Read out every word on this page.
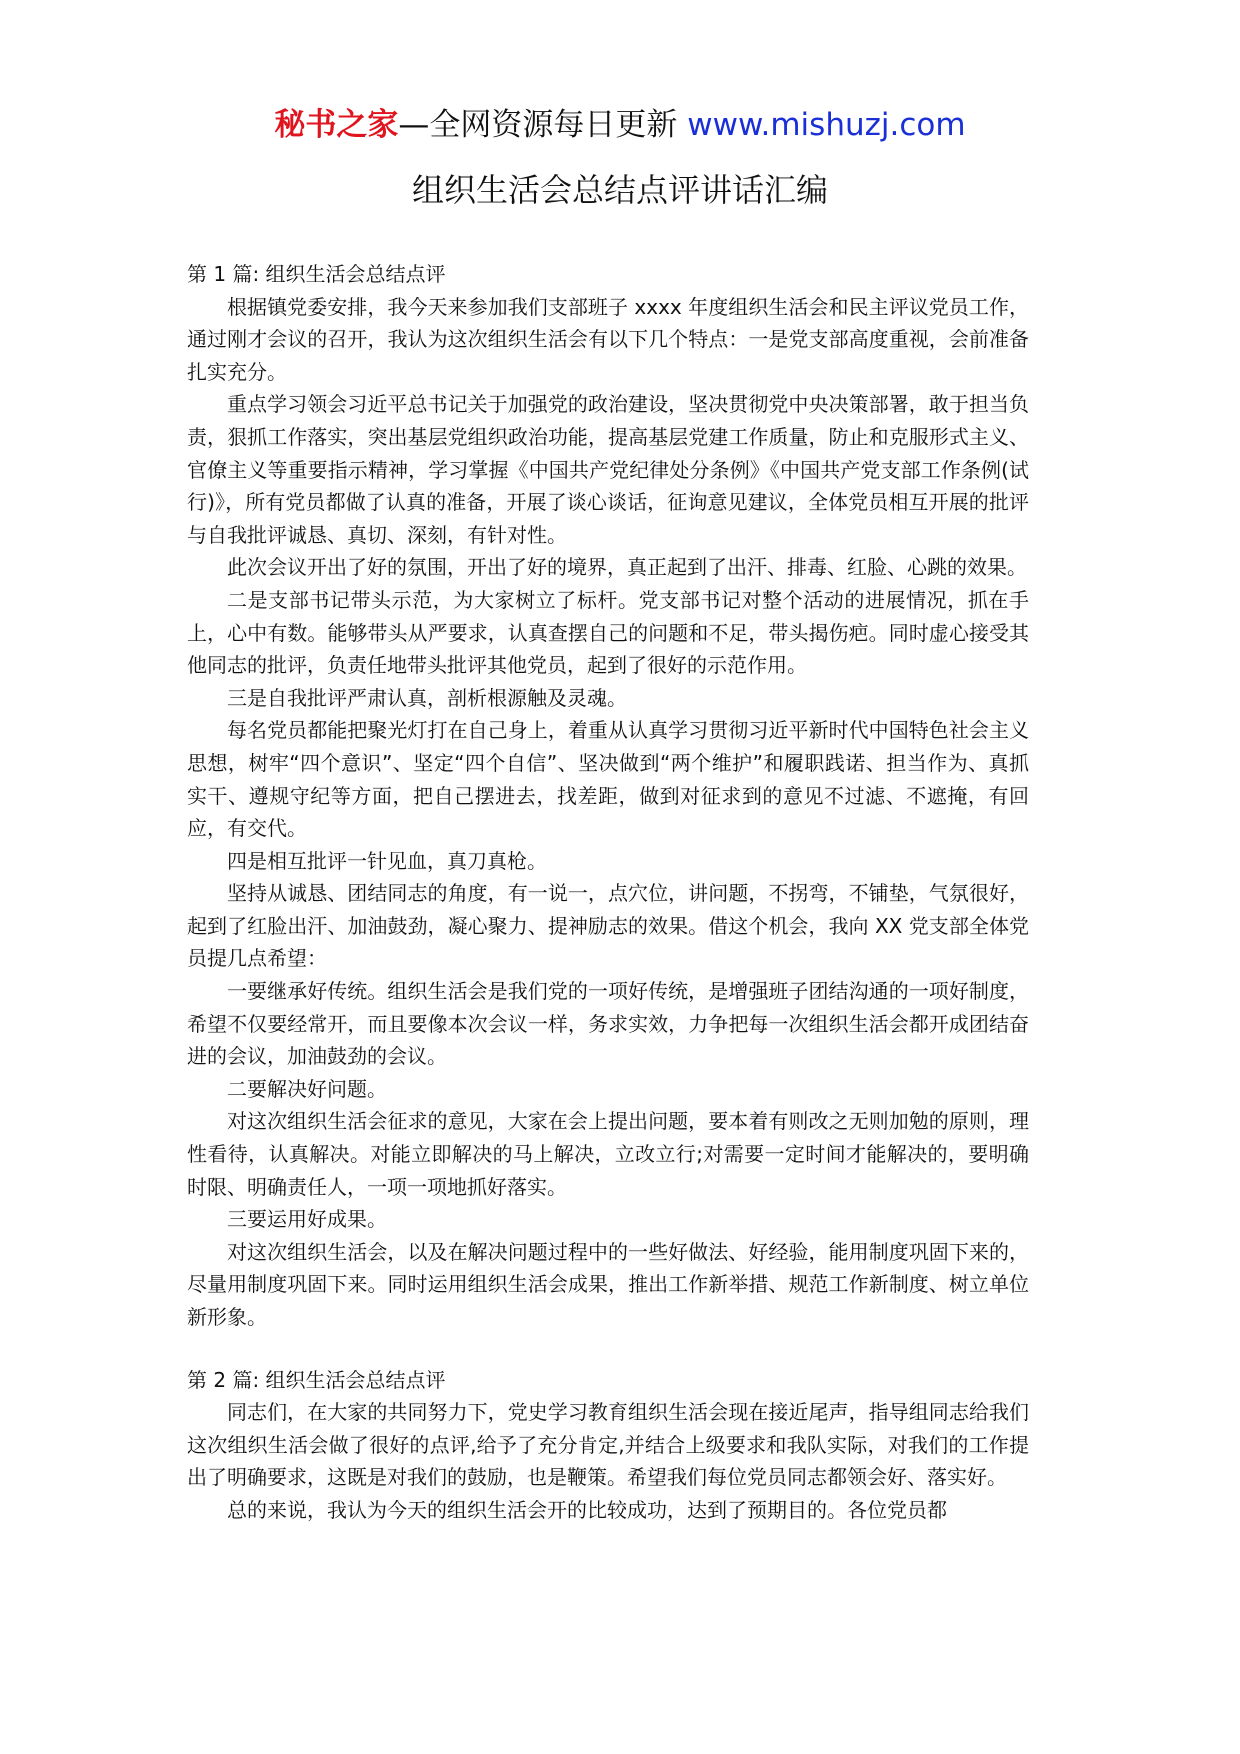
秘书之家—全网资源每日更新 www.mishuzj.com
组织生活会总结点评讲话汇编
第 1 篇: 组织生活会总结点评
根据镇党委安排，我今天来参加我们支部班子 xxxx 年度组织生活会和民主评议党员工作，通过刚才会议的召开，我认为这次组织生活会有以下几个特点：一是党支部高度重视，会前准备扎实充分。
重点学习领会习近平总书记关于加强党的政治建设，坚决贯彻党中央决策部署，敢于担当负责，狠抓工作落实，突出基层党组织政治功能，提高基层党建工作质量，防止和克服形式主义、官僚主义等重要指示精神，学习掌握《中国共产党纪律处分条例》《中国共产党支部工作条例(试行)》，所有党员都做了认真的准备，开展了谈心谈话，征询意见建议，全体党员相互开展的批评与自我批评诚恳、真切、深刻，有针对性。
此次会议开出了好的氛围，开出了好的境界，真正起到了出汗、排毒、红脸、心跳的效果。
二是支部书记带头示范，为大家树立了标杆。党支部书记对整个活动的进展情况，抓在手上，心中有数。能够带头从严要求，认真查摆自己的问题和不足，带头揭伤疤。同时虚心接受其他同志的批评，负责任地带头批评其他党员，起到了很好的示范作用。
三是自我批评严肃认真，剖析根源触及灵魂。
每名党员都能把聚光灯打在自己身上，着重从认真学习贯彻习近平新时代中国特色社会主义思想，树牢“四个意识”、坚定“四个自信”、坚决做到“两个维护”和履职践诺、担当作为、真抓实干、遵规守纪等方面，把自己摆进去，找差距，做到对征求到的意见不过滤、不遮掩，有回应，有交代。
四是相互批评一针见血，真刀真枪。
坚持从诚恳、团结同志的角度，有一说一，点穴位，讲问题，不拐弯，不铺垫，气氛很好，起到了红脸出汗、加油鼓劲，凝心聚力、提神励志的效果。借这个机会，我向 XX 党支部全体党员提几点希望：
一要继承好传统。组织生活会是我们党的一项好传统，是增强班子团结沟通的一项好制度，希望不仅要经常开，而且要像本次会议一样，务求实效，力争把每一次组织生活会都开成团结奋进的会议，加油鼓劲的会议。
二要解决好问题。
对这次组织生活会征求的意见，大家在会上提出问题，要本着有则改之无则加勉的原则，理性看待，认真解决。对能立即解决的马上解决，立改立行;对需要一定时间才能解决的，要明确时限、明确责任人，一项一项地抓好落实。
三要运用好成果。
对这次组织生活会，以及在解决问题过程中的一些好做法、好经验，能用制度巩固下来的，尽量用制度巩固下来。同时运用组织生活会成果，推出工作新举措、规范工作新制度、树立单位新形象。
第 2 篇: 组织生活会总结点评
同志们，在大家的共同努力下，党史学习教育组织生活会现在接近尾声，指导组同志给我们这次组织生活会做了很好的点评,给予了充分肯定,并结合上级要求和我队实际，对我们的工作提出了明确要求，这既是对我们的鼓励，也是鞭策。希望我们每位党员同志都领会好、落实好。
总的来说，我认为今天的组织生活会开的比较成功，达到了预期目的。各位党员都
